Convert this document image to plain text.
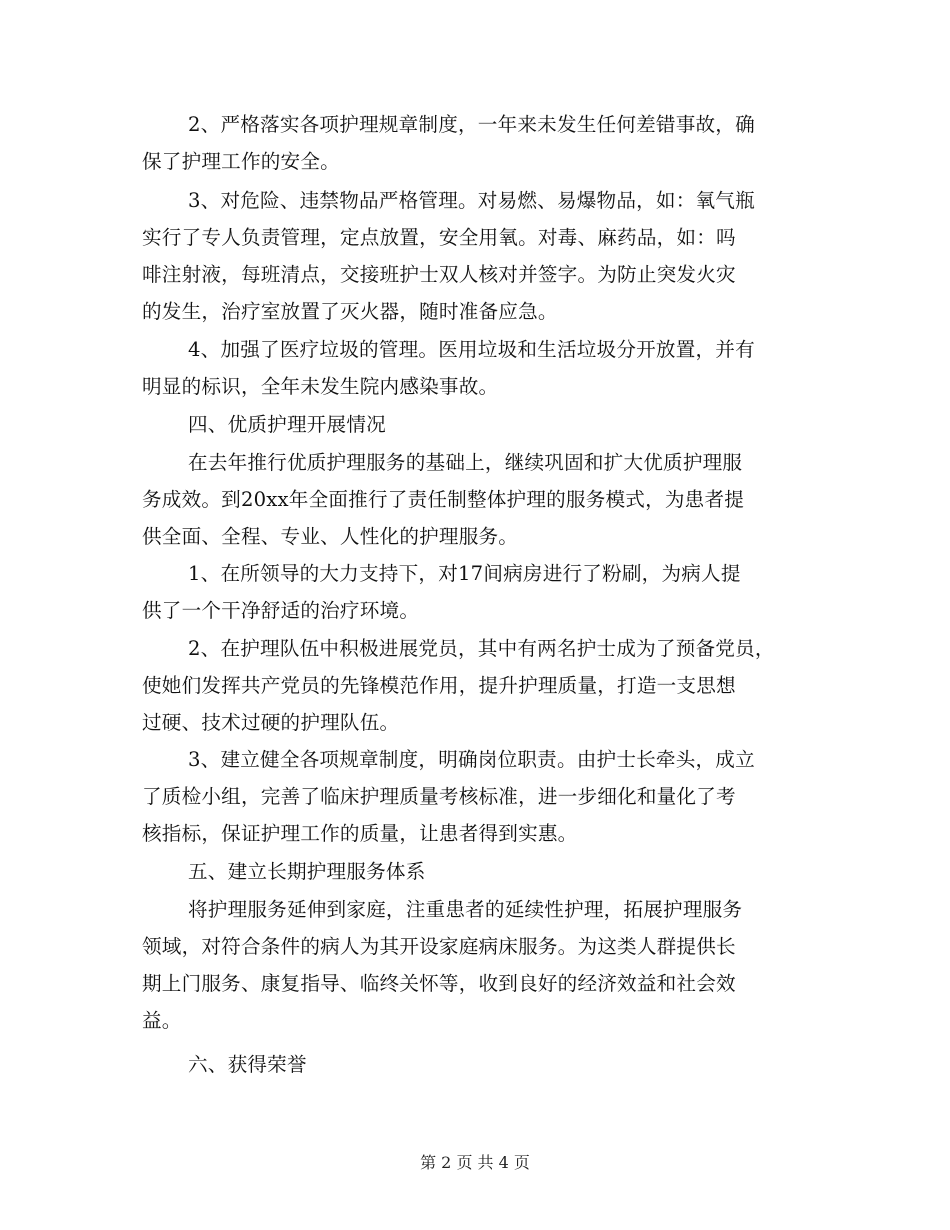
2、严格落实各项护理规章制度，一年来未发生任何差错事故，确
保了护理工作的安全。
3、对危险、违禁物品严格管理。对易燃、易爆物品，如：氧气瓶
实行了专人负责管理，定点放置，安全用氧。对毒、麻药品，如：吗
啡注射液，每班清点，交接班护士双人核对并签字。为防止突发火灾
的发生，治疗室放置了灭火器，随时准备应急。
4、加强了医疗垃圾的管理。医用垃圾和生活垃圾分开放置，并有
明显的标识，全年未发生院内感染事故。
四、优质护理开展情况
在去年推行优质护理服务的基础上，继续巩固和扩大优质护理服
务成效。到20xx年全面推行了责任制整体护理的服务模式，为患者提
供全面、全程、专业、人性化的护理服务。
1、在所领导的大力支持下，对17间病房进行了粉刷，为病人提
供了一个干净舒适的治疗环境。
2、在护理队伍中积极进展党员，其中有两名护士成为了预备党员，
使她们发挥共产党员的先锋模范作用，提升护理质量，打造一支思想
过硬、技术过硬的护理队伍。
3、建立健全各项规章制度，明确岗位职责。由护士长牵头，成立
了质检小组，完善了临床护理质量考核标准，进一步细化和量化了考
核指标，保证护理工作的质量，让患者得到实惠。
五、建立长期护理服务体系
将护理服务延伸到家庭，注重患者的延续性护理，拓展护理服务
领域，对符合条件的病人为其开设家庭病床服务。为这类人群提供长
期上门服务、康复指导、临终关怀等，收到良好的经济效益和社会效
益。
六、获得荣誉
第 2 页 共 4 页
